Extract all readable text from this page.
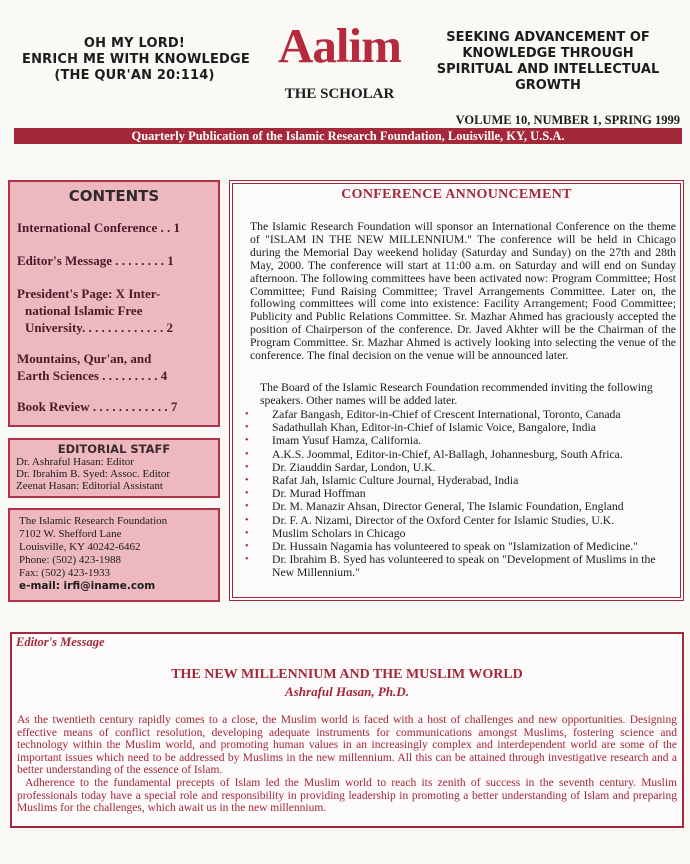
OH MY LORD!
ENRICH ME WITH KNOWLEDGE
(THE QUR'AN 20:114)
Aalim
THE SCHOLAR
SEEKING ADVANCEMENT OF
KNOWLEDGE THROUGH
SPIRITUAL AND INTELLECTUAL
GROWTH
VOLUME 10, NUMBER 1, SPRING 1999
Quarterly Publication of the Islamic Research Foundation, Louisville, KY, U.S.A.
CONTENTS
International Conference . . 1
Editor's Message . . . . . . . . 1
President's Page: X Inter-
national Islamic Free
University. . . . . . . . . . . . . 2
Mountains, Qur'an, and
Earth Sciences . . . . . . . . . 4
Book Review . . . . . . . . . . . . 7
EDITORIAL STAFF
Dr. Ashraful Hasan: Editor
Dr. Ibrahim B. Syed: Assoc. Editor
Zeenat Hasan: Editorial Assistant
The Islamic Research Foundation
7102 W. Shefford Lane
Louisville, KY 40242-6462
Phone: (502) 423-1988
Fax: (502) 423-1933
e-mail: irfi@iname.com
CONFERENCE ANNOUNCEMENT
The Islamic Research Foundation will sponsor an International Conference on the theme of "ISLAM IN THE NEW MILLENNIUM." The conference will be held in Chicago during the Memorial Day weekend holiday (Saturday and Sunday) on the 27th and 28th May, 2000. The conference will start at 11:00 a.m. on Saturday and will end on Sunday afternoon. The following committees have been activated now: Program Committee; Host Committee; Fund Raising Committee; Travel Arrangements Committee. Later on, the following committees will come into existence: Facility Arrangement; Food Committee; Publicity and Public Relations Committee. Sr. Mazhar Ahmed has graciously accepted the position of Chairperson of the conference. Dr. Javed Akhter will be the Chairman of the Program Committee. Sr. Mazhar Ahmed is actively looking into selecting the venue of the conference. The final decision on the venue will be announced later.
The Board of the Islamic Research Foundation recommended inviting the following speakers. Other names will be added later.
• Zafar Bangash, Editor-in-Chief of Crescent International, Toronto, Canada
• Sadathullah Khan, Editor-in-Chief of Islamic Voice, Bangalore, India
• Imam Yusuf Hamza, California.
• A.K.S. Joommal, Editor-in-Chief, Al-Ballagh, Johannesburg, South Africa.
• Dr. Ziauddin Sardar, London, U.K.
• Rafat Jah, Islamic Culture Journal, Hyderabad, India
• Dr. Murad Hoffman
• Dr. M. Manazir Ahsan, Director General, The Islamic Foundation, England
• Dr. F. A. Nizami, Director of the Oxford Center for Islamic Studies, U.K.
• Muslim Scholars in Chicago
• Dr. Hussain Nagamia has volunteered to speak on "Islamization of Medicine."
• Dr. Ibrahim B. Syed has volunteered to speak on "Development of Muslims in the New Millennium."
Editor's Message
THE NEW MILLENNIUM AND THE MUSLIM WORLD
Ashraful Hasan, Ph.D.
As the twentieth century rapidly comes to a close, the Muslim world is faced with a host of challenges and new opportunities. Designing effective means of conflict resolution, developing adequate instruments for communications amongst Muslims, fostering science and technology within the Muslim world, and promoting human values in an increasingly complex and interdependent world are some of the important issues which need to be addressed by Muslims in the new millennium. All this can be attained through investigative research and a better understanding of the essence of Islam.
Adherence to the fundamental precepts of Islam led the Muslim world to reach its zenith of success in the seventh century. Muslim professionals today have a special role and responsibility in providing leadership in promoting a better understanding of Islam and preparing Muslims for the challenges, which await us in the new millennium.
